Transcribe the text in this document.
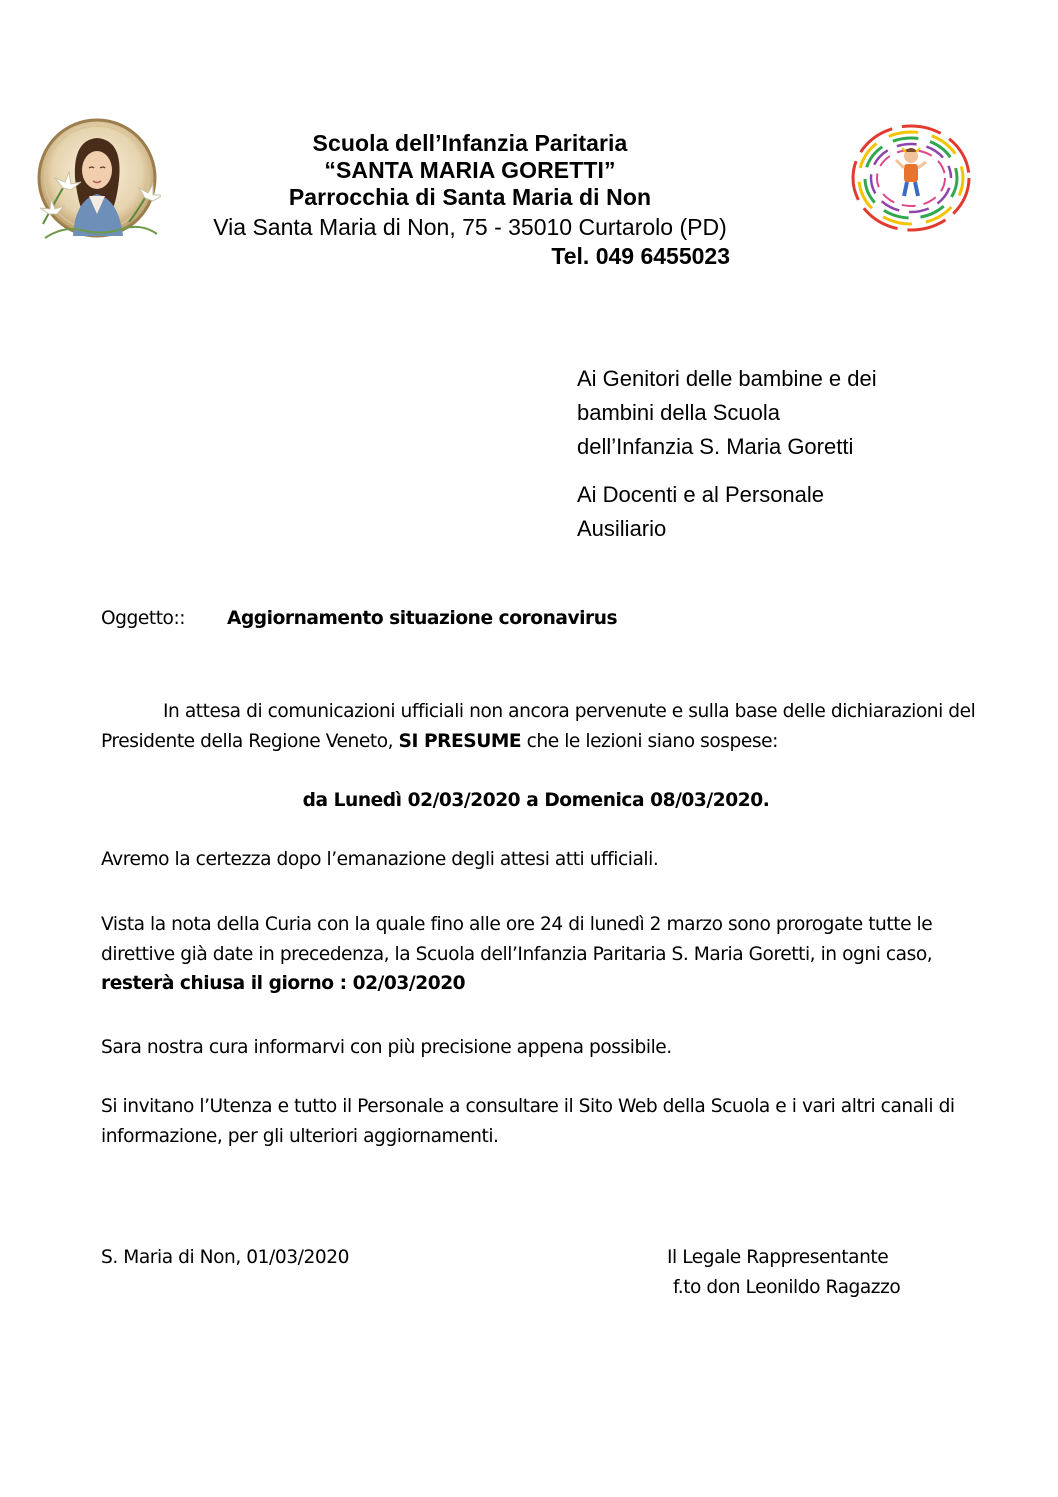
Scuola dell’Infanzia Paritaria
“SANTA MARIA GORETTI”
Parrocchia di Santa Maria di Non
Via Santa Maria di Non, 75 - 35010 Curtarolo (PD)
Tel. 049 6455023
Ai Genitori delle bambine e dei
bambini della Scuola
dell’Infanzia S. Maria Goretti
Ai Docenti e al Personale
Ausiliario
Oggetto:: Aggiornamento situazione coronavirus
In attesa di comunicazioni ufficiali non ancora pervenute e sulla base delle dichiarazioni del Presidente della Regione Veneto, SI PRESUME che le lezioni siano sospese:
da Lunedì 02/03/2020 a Domenica 08/03/2020.
Avremo la certezza dopo l’emanazione degli attesi atti ufficiali.
Vista la nota della Curia con la quale fino alle ore 24 di lunedì 2 marzo sono prorogate tutte le direttive già date in precedenza, la Scuola dell’Infanzia Paritaria S. Maria Goretti, in ogni caso, resterà chiusa il giorno : 02/03/2020
Sara nostra cura informarvi con più precisione appena possibile.
Si invitano l’Utenza e tutto il Personale a consultare il Sito Web della Scuola e i vari altri canali di informazione, per gli ulteriori aggiornamenti.
S. Maria di Non, 01/03/2020	Il Legale Rappresentante
f.to don Leonildo Ragazzo
